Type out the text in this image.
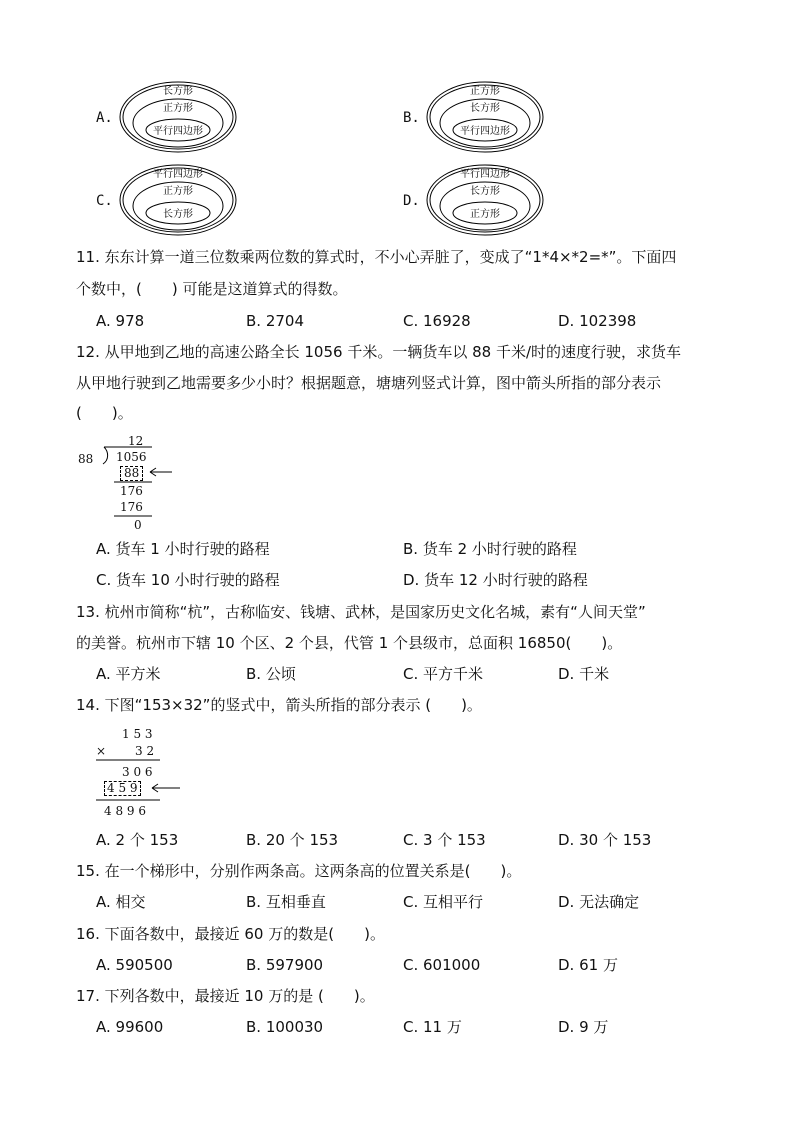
A.
长方形
正方形
平行四边形
B.
正方形
长方形
平行四边形
C.
平行四边形
正方形
长方形
D.
平行四边形
长方形
正方形
11. 东东计算一道三位数乘两位数的算式时，不小心弄脏了，变成了“1*4×*2=*”。下面四
个数中，(　　) 可能是这道算式的得数。
A. 978	B. 2704	C. 16928	D. 102398
12. 从甲地到乙地的高速公路全长 1056 千米。一辆货车以 88 千米/时的速度行驶，求货车
从甲地行驶到乙地需要多少小时？根据题意，塘塘列竖式计算，图中箭头所指的部分表示
(　　)。
12
88 1056
88
176
176
0
A. 货车 1 小时行驶的路程	B. 货车 2 小时行驶的路程
C. 货车 10 小时行驶的路程	D. 货车 12 小时行驶的路程
13. 杭州市简称“杭”，古称临安、钱塘、武林，是国家历史文化名城，素有“人间天堂”
的美誉。杭州市下辖 10 个区、2 个县，代管 1 个县级市，总面积 16850(　　)。
A. 平方米	B. 公顷	C. 平方千米	D. 千米
14. 下图“153×32”的竖式中，箭头所指的部分表示 (　　)。
1 5 3
× 3 2
3 0 6
4 5 9
4 8 9 6
A. 2 个 153	B. 20 个 153	C. 3 个 153	D. 30 个 153
15. 在一个梯形中，分别作两条高。这两条高的位置关系是(　　)。
A. 相交	B. 互相垂直	C. 互相平行	D. 无法确定
16. 下面各数中，最接近 60 万的数是(　　)。
A. 590500	B. 597900	C. 601000	D. 61 万
17. 下列各数中，最接近 10 万的是 (　　)。
A. 99600	B. 100030	C. 11 万	D. 9 万
